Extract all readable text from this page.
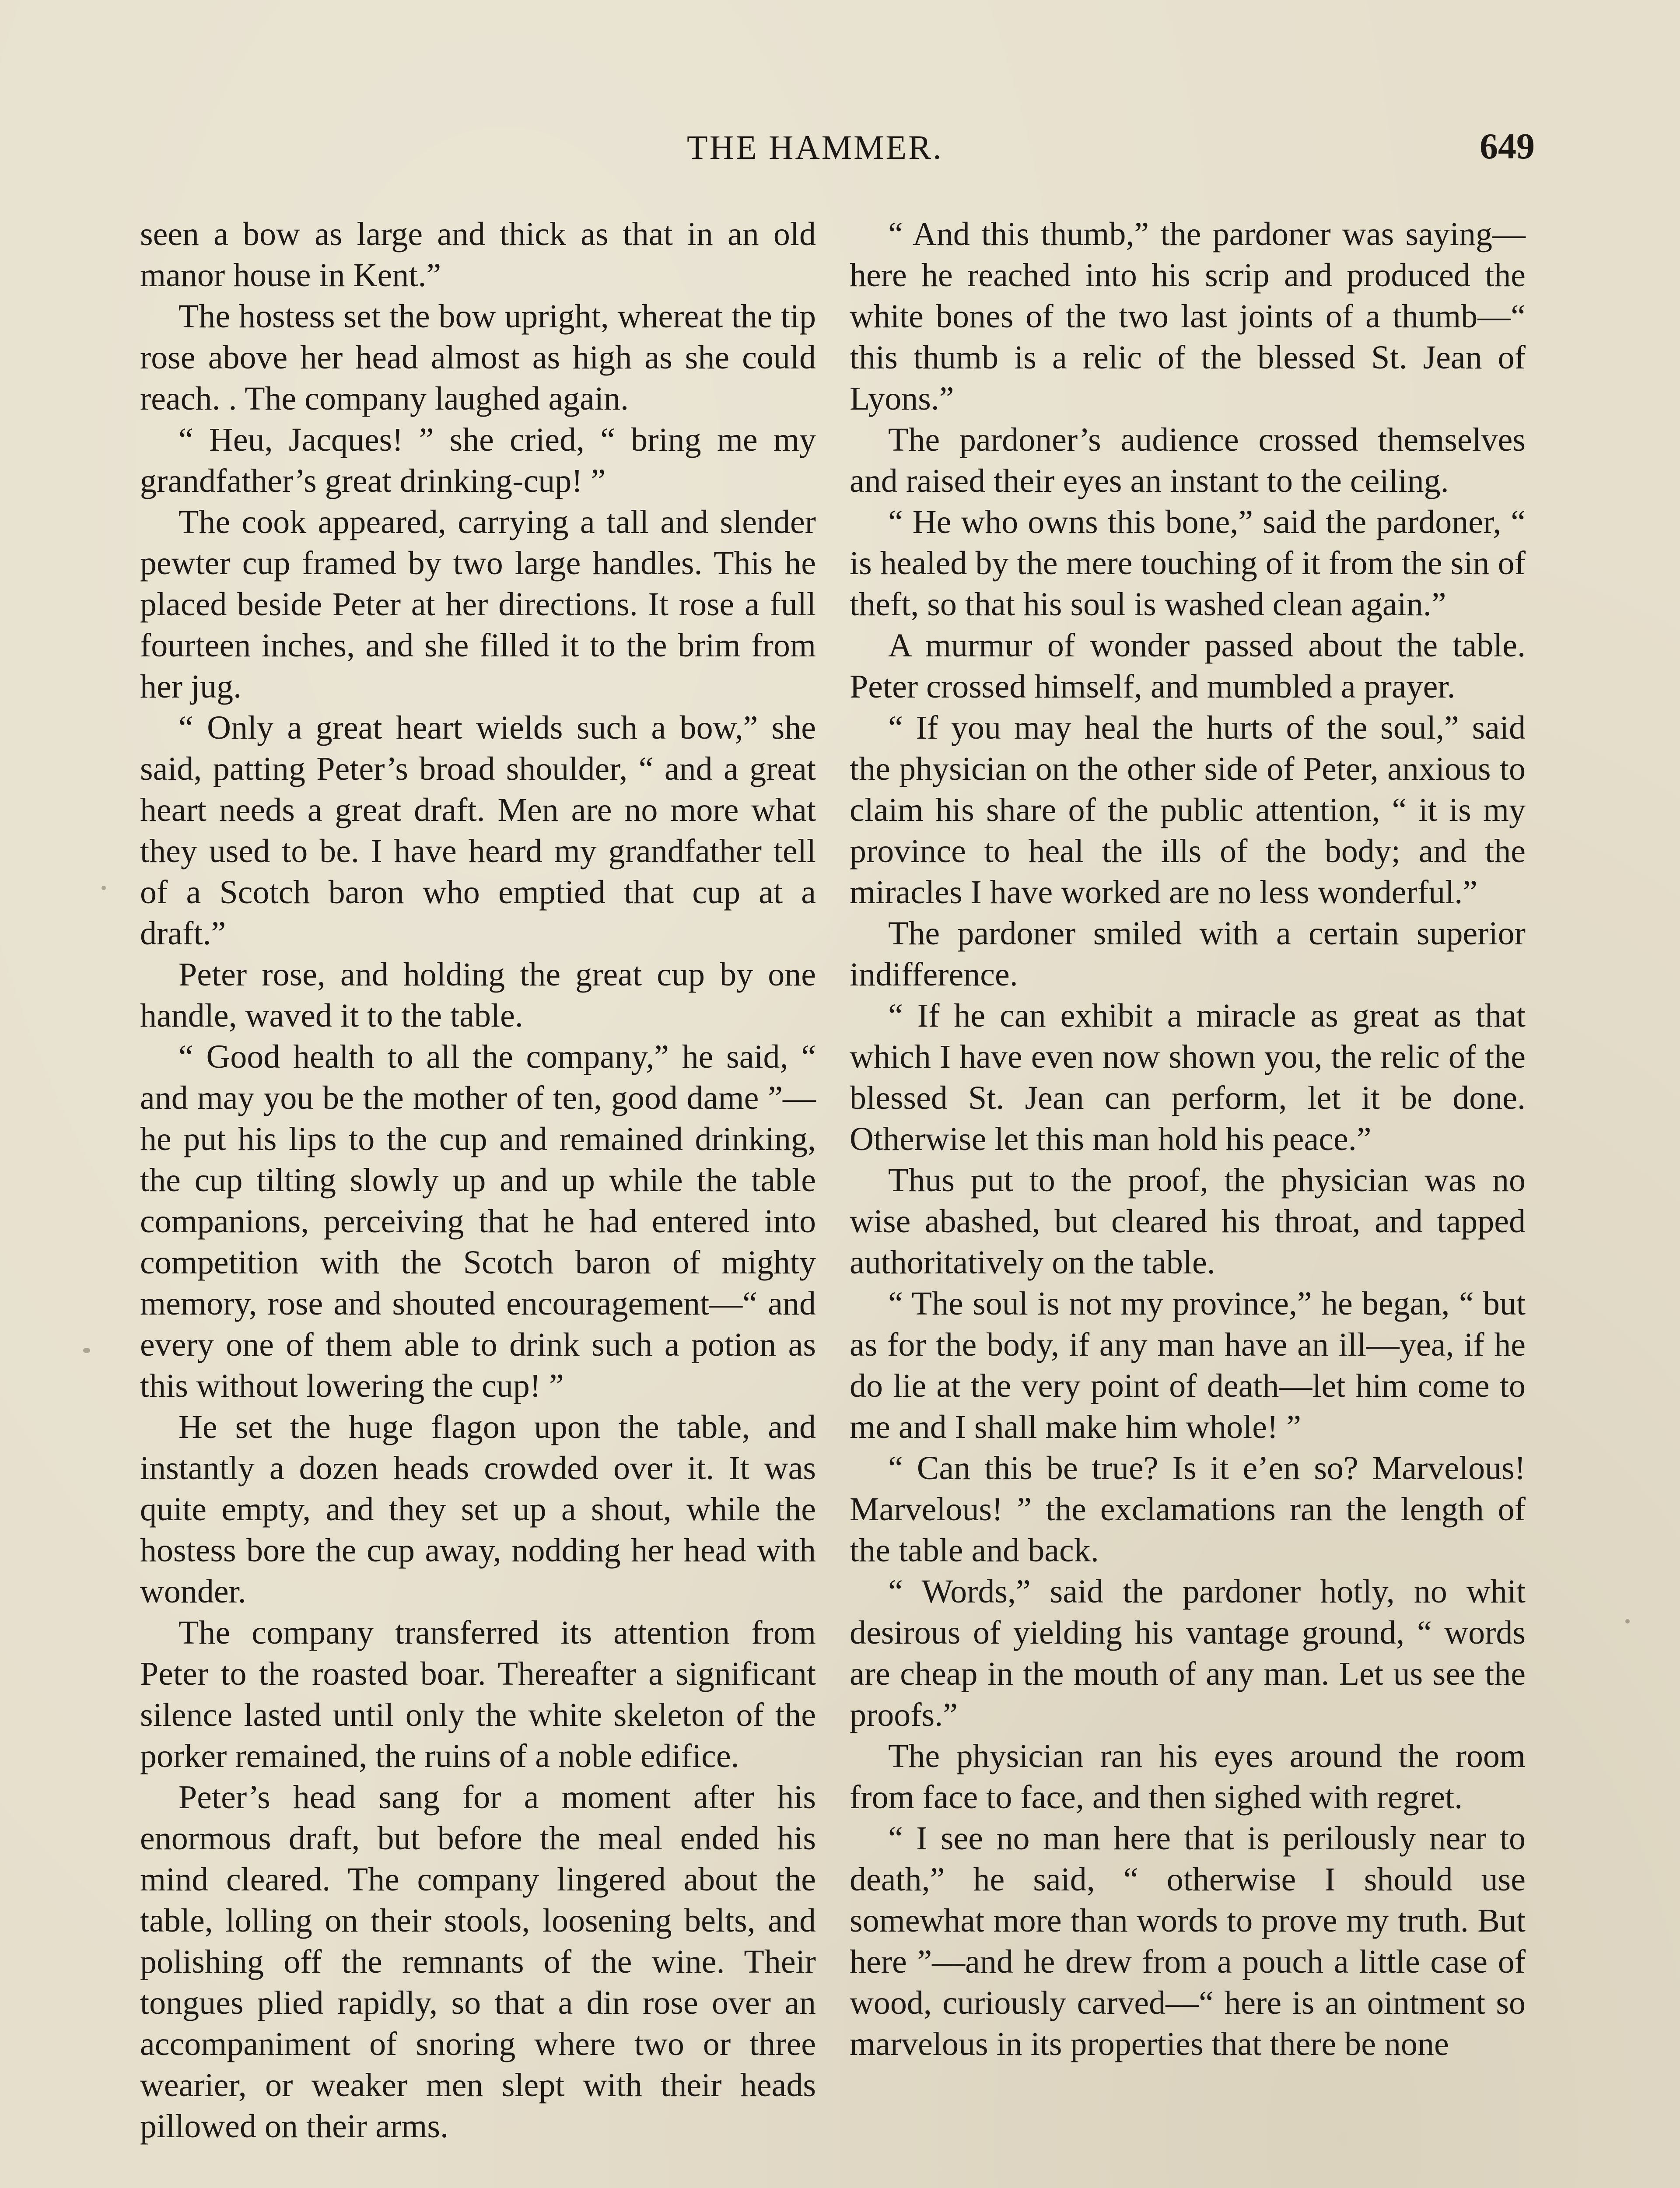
THE HAMMER.	649

seen a bow as large and thick as that in an old manor house in Kent.”

The hostess set the bow upright, whereat the tip rose above her head almost as high as she could reach. . The company laughed again.

“ Heu, Jacques! ” she cried, “ bring me my grandfather’s great drinking-cup! ”

The cook appeared, carrying a tall and slender pewter cup framed by two large handles. This he placed beside Peter at her directions. It rose a full fourteen inches, and she filled it to the brim from her jug.

“ Only a great heart wields such a bow,” she said, patting Peter’s broad shoulder, “ and a great heart needs a great draft. Men are no more what they used to be. I have heard my grandfather tell of a Scotch baron who emptied that cup at a draft.”

Peter rose, and holding the great cup by one handle, waved it to the table.

“ Good health to all the company,” he said, “ and may you be the mother of ten, good dame ”—he put his lips to the cup and remained drinking, the cup tilting slowly up and up while the table companions, perceiving that he had entered into competition with the Scotch baron of mighty memory, rose and shouted encouragement—“ and every one of them able to drink such a potion as this without lowering the cup! ”

He set the huge flagon upon the table, and instantly a dozen heads crowded over it. It was quite empty, and they set up a shout, while the hostess bore the cup away, nodding her head with wonder.

The company transferred its attention from Peter to the roasted boar. Thereafter a significant silence lasted until only the white skeleton of the porker remained, the ruins of a noble edifice.

Peter’s head sang for a moment after his enormous draft, but before the meal ended his mind cleared. The company lingered about the table, lolling on their stools, loosening belts, and polishing off the remnants of the wine. Their tongues plied rapidly, so that a din rose over an accompaniment of snoring where two or three wearier, or weaker men slept with their heads pillowed on their arms.

“ And this thumb,” the pardoner was saying—here he reached into his scrip and produced the white bones of the two last joints of a thumb—“ this thumb is a relic of the blessed St. Jean of Lyons.”

The pardoner’s audience crossed themselves and raised their eyes an instant to the ceiling.

“ He who owns this bone,” said the pardoner, “ is healed by the mere touching of it from the sin of theft, so that his soul is washed clean again.”

A murmur of wonder passed about the table. Peter crossed himself, and mumbled a prayer.

“ If you may heal the hurts of the soul,” said the physician on the other side of Peter, anxious to claim his share of the public attention, “ it is my province to heal the ills of the body; and the miracles I have worked are no less wonderful.”

The pardoner smiled with a certain superior indifference.

“ If he can exhibit a miracle as great as that which I have even now shown you, the relic of the blessed St. Jean can perform, let it be done. Otherwise let this man hold his peace.”

Thus put to the proof, the physician was no wise abashed, but cleared his throat, and tapped authoritatively on the table.

“ The soul is not my province,” he began, “ but as for the body, if any man have an ill—yea, if he do lie at the very point of death—let him come to me and I shall make him whole! ”

“ Can this be true? Is it e’en so? Marvelous! Marvelous! ” the exclamations ran the length of the table and back.

“ Words,” said the pardoner hotly, no whit desirous of yielding his vantage ground, “ words are cheap in the mouth of any man. Let us see the proofs.”

The physician ran his eyes around the room from face to face, and then sighed with regret.

“ I see no man here that is perilously near to death,” he said, “ otherwise I should use somewhat more than words to prove my truth. But here ”—and he drew from a pouch a little case of wood, curiously carved—“ here is an ointment so marvelous in its properties that there be none
